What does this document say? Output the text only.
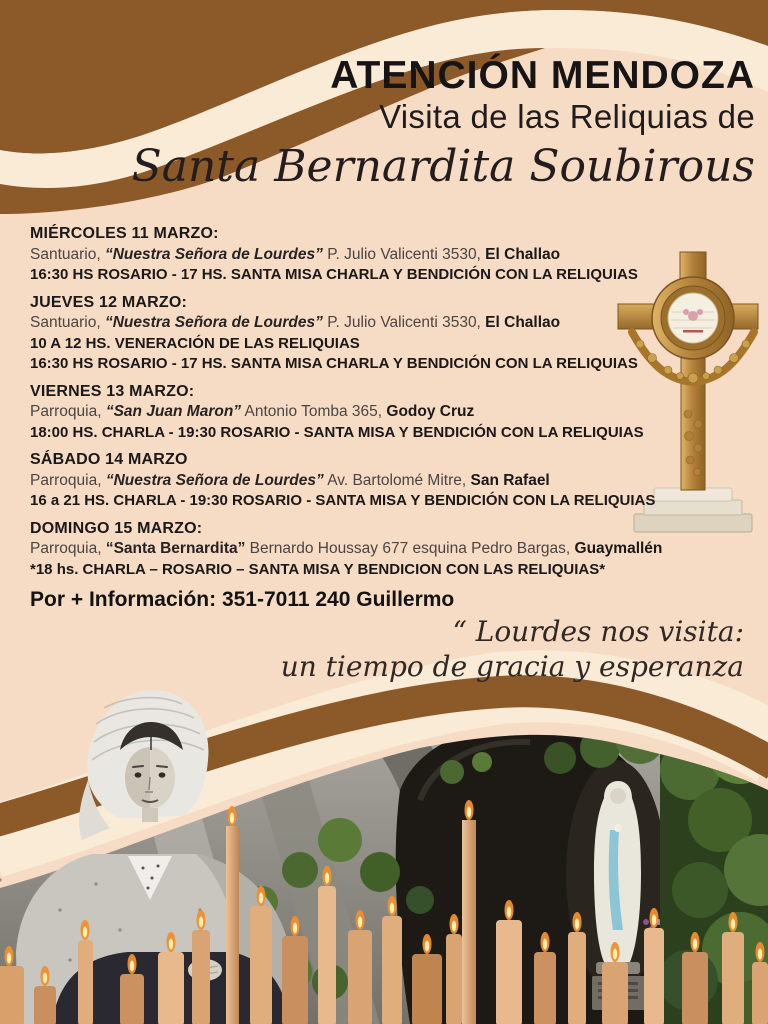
ATENCIÓN MENDOZA
Visita de las Reliquias de
Santa Bernardita Soubirous
MIÉRCOLES 11 MARZO:
Santuario, “Nuestra Señora de Lourdes” P. Julio Valicenti 3530, El Challao
16:30 HS ROSARIO - 17 HS. SANTA MISA CHARLA Y BENDICIÓN CON LA RELIQUIAS
JUEVES 12 MARZO:
Santuario, “Nuestra Señora de Lourdes” P. Julio Valicenti 3530, El Challao
10 A 12 HS. VENERACIÓN DE LAS RELIQUIAS
16:30 HS ROSARIO - 17 HS. SANTA MISA CHARLA Y BENDICIÓN CON LA RELIQUIAS
VIERNES 13 MARZO:
Parroquia, “San Juan Maron” Antonio Tomba 365, Godoy Cruz
18:00 HS. CHARLA - 19:30 ROSARIO - SANTA MISA Y BENDICIÓN CON LA RELIQUIAS
SÁBADO 14 MARZO
Parroquia, “Nuestra Señora de Lourdes” Av. Bartolomé Mitre, San Rafael
16 a 21 HS. CHARLA - 19:30 ROSARIO - SANTA MISA Y BENDICIÓN CON LA RELIQUIAS
DOMINGO 15 MARZO:
Parroquia, “Santa Bernardita” Bernardo Houssay 677 esquina Pedro Bargas, Guaymallén
*18 hs. CHARLA – ROSARIO – SANTA MISA Y BENDICION CON LAS RELIQUIAS*
Por + Información: 351-7011 240 Guillermo
“ Lourdes nos visita:
un tiempo de gracia y esperanza
